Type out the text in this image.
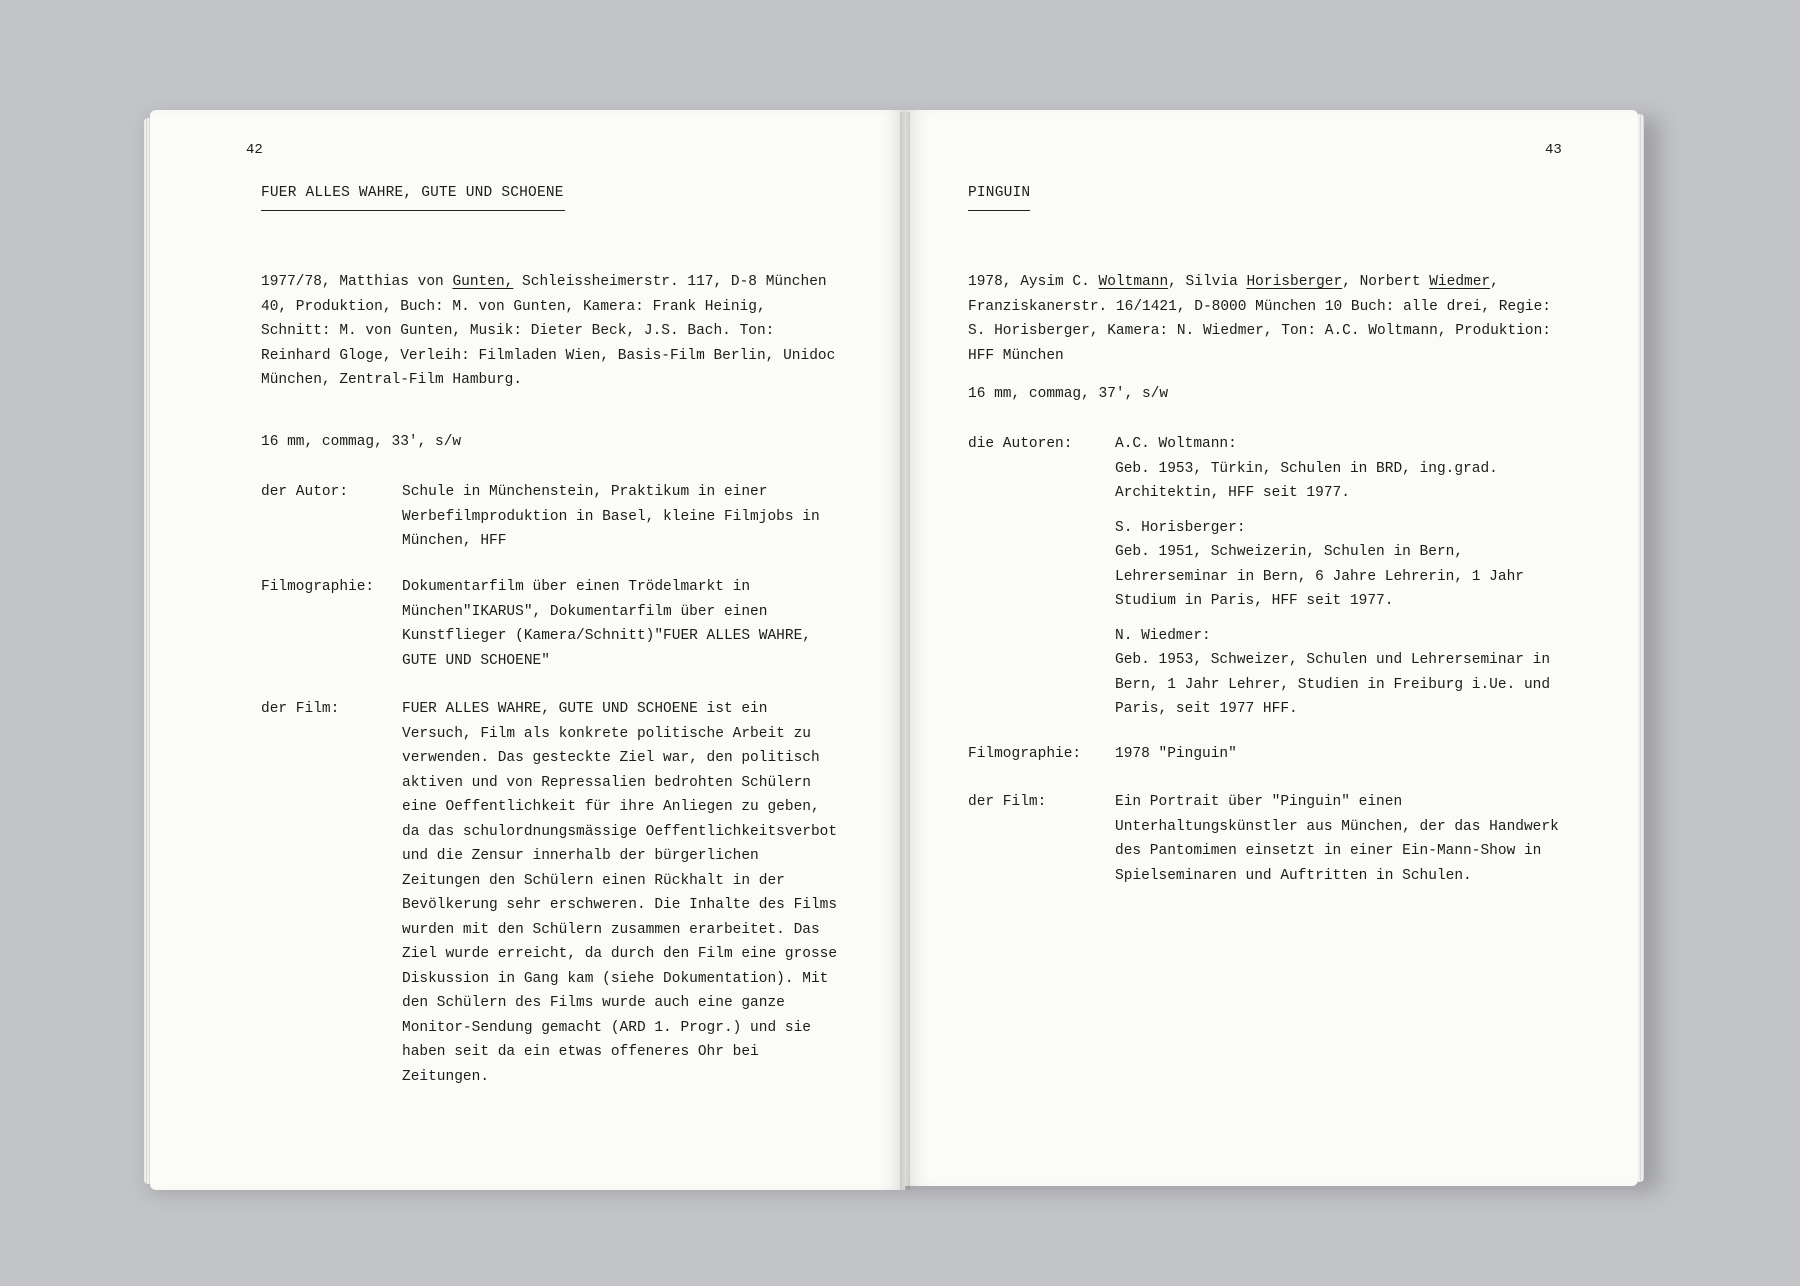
42
FUER ALLES WAHRE, GUTE UND SCHOENE
1977/78, Matthias von Gunten, Schleissheimerstr. 117, D-8 München 40, Produktion, Buch: M. von Gunten, Kamera: Frank Heinig, Schnitt: M. von Gunten, Musik: Dieter Beck, J.S. Bach. Ton: Reinhard Gloge, Verleih: Filmladen Wien, Basis-Film Berlin, Unidoc München, Zentral-Film Hamburg.
16 mm, commag, 33', s/w
der Autor:	Schule in Münchenstein, Praktikum in einer Werbefilmproduktion in Basel, kleine Filmjobs in München, HFF
Filmographie: Dokumentarfilm über einen Trödelmarkt in München"IKARUS", Dokumentarfilm über einen Kunstflieger (Kamera/Schnitt)"FUER ALLES WAHRE, GUTE UND SCHOENE"
der Film:	FUER ALLES WAHRE, GUTE UND SCHOENE ist ein Versuch, Film als konkrete politische Arbeit zu verwenden. Das gesteckte Ziel war, den politisch aktiven und von Repressalien bedrohten Schülern eine Oeffentlichkeit für ihre Anliegen zu geben, da das schulordnungsmässige Oeffentlichkeitsverbot und die Zensur innerhalb der bürgerlichen Zeitungen den Schülern einen Rückhalt in der Bevölkerung sehr erschweren. Die Inhalte des Films wurden mit den Schülern zusammen erarbeitet. Das Ziel wurde erreicht, da durch den Film eine grosse Diskussion in Gang kam (siehe Dokumentation). Mit den Schülern des Films wurde auch eine ganze Monitor-Sendung gemacht (ARD 1. Progr.) und sie haben seit da ein etwas offeneres Ohr bei Zeitungen.
43
PINGUIN
1978, Aysim C. Woltmann, Silvia Horisberger, Norbert Wiedmer, Franziskanerstr. 16/1421, D-8000 München 10 Buch: alle drei, Regie: S. Horisberger, Kamera: N. Wiedmer, Ton: A.C. Woltmann, Produktion: HFF München
16 mm, commag, 37', s/w
die Autoren:	A.C. Woltmann:

Geb. 1953, Türkin, Schulen in BRD, ing.grad. Architektin, HFF seit 1977.

S. Horisberger:

Geb. 1951, Schweizerin, Schulen in Bern, Lehrerseminar in Bern, 6 Jahre Lehrerin, 1 Jahr Studium in Paris, HFF seit 1977.

N. Wiedmer:

Geb. 1953, Schweizer, Schulen und Lehrerseminar in Bern, 1 Jahr Lehrer, Studien in Freiburg i.Ue. und Paris, seit 1977 HFF.

Filmographie: 1978 "Pinguin"
der Film:	Ein Portrait über "Pinguin" einen Unterhaltungskünstler aus München, der das Handwerk des Pantomimen einsetzt in einer Ein-Mann-Show in Spielseminaren und Auftritten in Schulen.
